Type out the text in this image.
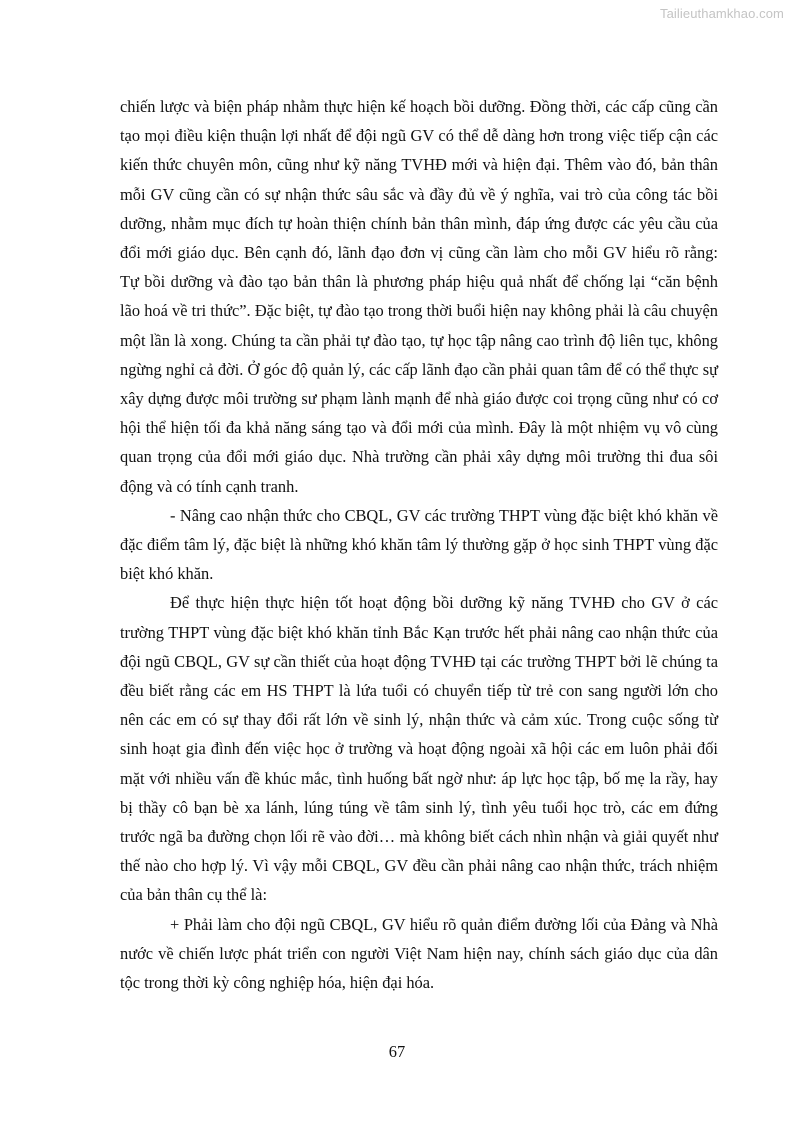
Tailieuthamkhao.com

chiến lược và biện pháp nhằm thực hiện kế hoạch bồi dưỡng. Đồng thời, các cấp cũng cần tạo mọi điều kiện thuận lợi nhất để đội ngũ GV có thể dễ dàng hơn trong việc tiếp cận các kiến thức chuyên môn, cũng như kỹ năng TVHĐ mới và hiện đại. Thêm vào đó, bản thân mỗi GV cũng cần có sự nhận thức sâu sắc và đầy đủ về ý nghĩa, vai trò của công tác bồi dưỡng, nhằm mục đích tự hoàn thiện chính bản thân mình, đáp ứng được các yêu cầu của đổi mới giáo dục. Bên cạnh đó, lãnh đạo đơn vị cũng cần làm cho mỗi GV hiểu rõ rằng: Tự bồi dưỡng và đào tạo bản thân là phương pháp hiệu quả nhất để chống lại “căn bệnh lão hoá về tri thức”. Đặc biệt, tự đào tạo trong thời buổi hiện nay không phải là câu chuyện một lần là xong. Chúng ta cần phải tự đào tạo, tự học tập nâng cao trình độ liên tục, không ngừng nghỉ cả đời. Ở góc độ quản lý, các cấp lãnh đạo cần phải quan tâm để có thể thực sự xây dựng được môi trường sư phạm lành mạnh để nhà giáo được coi trọng cũng như có cơ hội thể hiện tối đa khả năng sáng tạo và đổi mới của mình. Đây là một nhiệm vụ vô cùng quan trọng của đổi mới giáo dục. Nhà trường cần phải xây dựng môi trường thi đua sôi động và có tính cạnh tranh.

- Nâng cao nhận thức cho CBQL, GV các trường THPT vùng đặc biệt khó khăn về đặc điểm tâm lý, đặc biệt là những khó khăn tâm lý thường gặp ở học sinh THPT vùng đặc biệt khó khăn.

Để thực hiện thực hiện tốt hoạt động bồi dưỡng kỹ năng TVHĐ cho GV ở các trường THPT vùng đặc biệt khó khăn tỉnh Bắc Kạn trước hết phải nâng cao nhận thức của đội ngũ CBQL, GV sự cần thiết của hoạt động TVHĐ tại các trường THPT bởi lẽ chúng ta đều biết rằng các em HS THPT là lứa tuổi có chuyển tiếp từ trẻ con sang người lớn cho nên các em có sự thay đổi rất lớn về sinh lý, nhận thức và cảm xúc. Trong cuộc sống từ sinh hoạt gia đình đến việc học ở trường và hoạt động ngoài xã hội các em luôn phải đối mặt với nhiều vấn đề khúc mắc, tình huống bất ngờ như: áp lực học tập, bố mẹ la rầy, hay bị thầy cô bạn bè xa lánh, lúng túng về tâm sinh lý, tình yêu tuổi học trò, các em đứng trước ngã ba đường chọn lối rẽ vào đời… mà không biết cách nhìn nhận và giải quyết như thế nào cho hợp lý. Vì vậy mỗi CBQL, GV đều cần phải nâng cao nhận thức, trách nhiệm của bản thân cụ thể là:

+ Phải làm cho đội ngũ CBQL, GV hiểu rõ quản điểm đường lối của Đảng và Nhà nước về chiến lược phát triển con người Việt Nam hiện nay, chính sách giáo dục của dân tộc trong thời kỳ công nghiệp hóa, hiện đại hóa.

67
